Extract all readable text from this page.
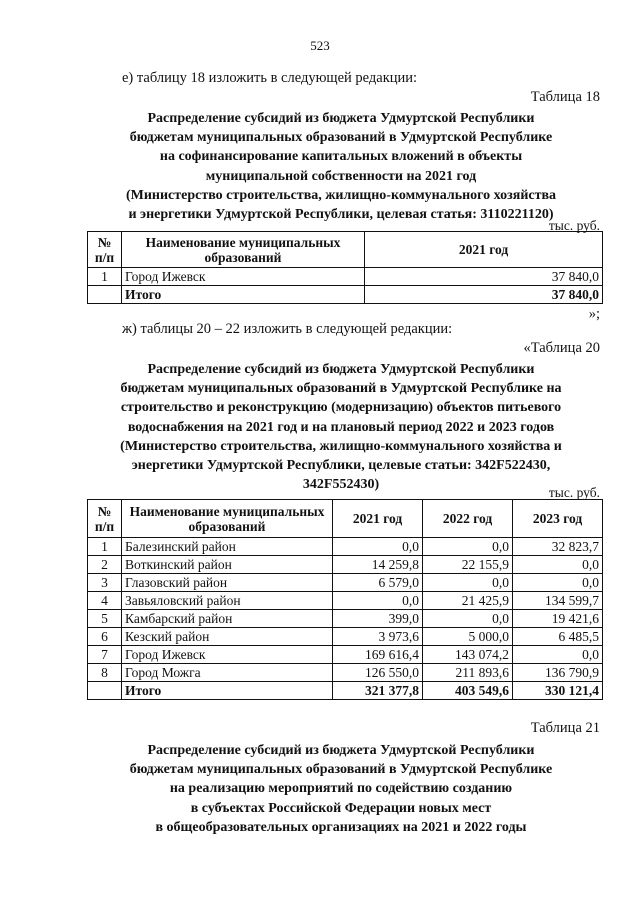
523
е) таблицу 18 изложить в следующей редакции:
Таблица 18
Распределение субсидий из бюджета Удмуртской Республики
бюджетам муниципальных образований в Удмуртской Республике
на софинансирование капитальных вложений в объекты
муниципальной собственности на 2021 год
(Министерство строительства, жилищно-коммунального хозяйства
и энергетики Удмуртской Республики, целевая статья: 3110221120)
тыс. руб.
№ п/п	Наименование муниципальных образований	2021 год
1	Город Ижевск	37 840,0
	Итого	37 840,0
»;
ж) таблицы 20 – 22 изложить в следующей редакции:
«Таблица 20
Распределение субсидий из бюджета Удмуртской Республики
бюджетам муниципальных образований в Удмуртской Республике на
строительство и реконструкцию (модернизацию) объектов питьевого
водоснабжения на 2021 год и на плановый период 2022 и 2023 годов
(Министерство строительства, жилищно-коммунального хозяйства и
энергетики Удмуртской Республики, целевые статьи: 342F522430,
342F552430)
тыс. руб.
№ п/п	Наименование муниципальных образований	2021 год	2022 год	2023 год
1	Балезинский район	0,0	0,0	32 823,7
2	Воткинский район	14 259,8	22 155,9	0,0
3	Глазовский район	6 579,0	0,0	0,0
4	Завьяловский район	0,0	21 425,9	134 599,7
5	Камбарский район	399,0	0,0	19 421,6
6	Кезский район	3 973,6	5 000,0	6 485,5
7	Город Ижевск	169 616,4	143 074,2	0,0
8	Город Можга	126 550,0	211 893,6	136 790,9
	Итого	321 377,8	403 549,6	330 121,4
Таблица 21
Распределение субсидий из бюджета Удмуртской Республики
бюджетам муниципальных образований в Удмуртской Республике
на реализацию мероприятий по содействию созданию
в субъектах Российской Федерации новых мест
в общеобразовательных организациях на 2021 и 2022 годы
